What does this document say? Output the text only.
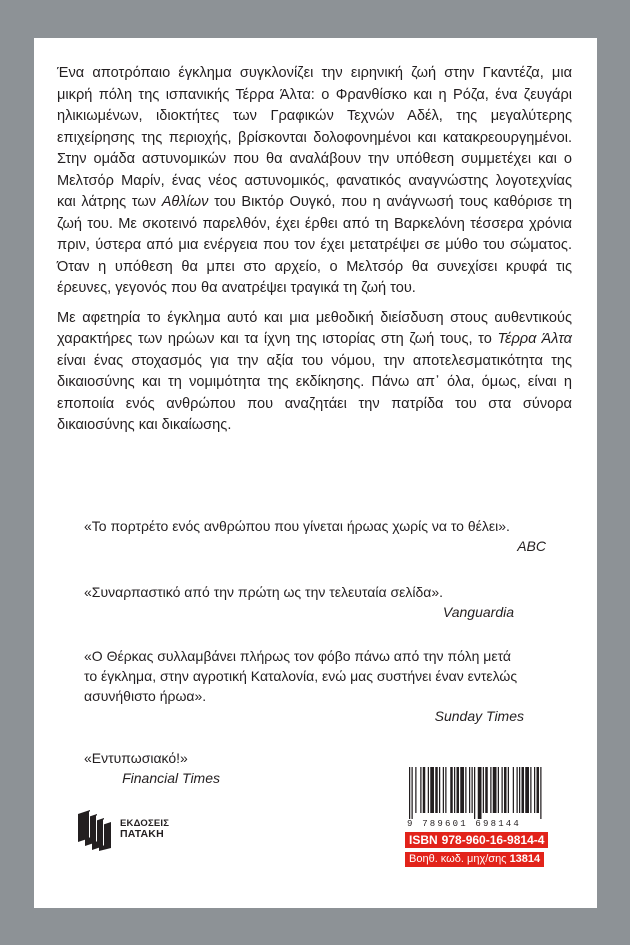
Ένα αποτρόπαιο έγκλημα συγκλονίζει την ειρηνική ζωή στην Γκαντέζα, μια μικρή πόλη της ισπανικής Τέρρα Άλτα: ο Φρανθίσκο και η Ρόζα, ένα ζευγάρι ηλικιωμένων, ιδιοκτήτες των Γραφικών Τεχνών Αδέλ, της μεγαλύτερης επιχείρησης της περιοχής, βρίσκονται δολοφονημένοι και κατακρεουργημένοι. Στην ομάδα αστυνομικών που θα αναλάβουν την υπόθεση συμμετέχει και ο Μελτσόρ Μαρίν, ένας νέος αστυνομικός, φανατικός αναγνώστης λογοτεχνίας και λάτρης των Αθλίων του Βικτόρ Ουγκό, που η ανάγνωσή τους καθόρισε τη ζωή του. Με σκοτεινό παρελθόν, έχει έρθει από τη Βαρκελόνη τέσσερα χρόνια πριν, ύστερα από μια ενέργεια που τον έχει μετατρέψει σε μύθο του σώματος. Όταν η υπόθεση θα μπει στο αρχείο, ο Μελτσόρ θα συνεχίσει κρυφά τις έρευνες, γεγονός που θα ανατρέψει τραγικά τη ζωή του.

Με αφετηρία το έγκλημα αυτό και μια μεθοδική διείσδυση στους αυθεντικούς χαρακτήρες των ηρώων και τα ίχνη της ιστορίας στη ζωή τους, το Τέρρα Άλτα είναι ένας στοχασμός για την αξία του νόμου, την αποτελεσματικότητα της δικαιοσύνης και τη νομιμότητα της εκδίκησης. Πάνω απ᾽ όλα, όμως, είναι η εποποιία ενός ανθρώπου που αναζητάει την πατρίδα του στα σύνορα δικαιοσύνης και δικαίωσης.

«Το πορτρέτο ενός ανθρώπου που γίνεται ήρωας χωρίς να το θέλει».
ABC
«Συναρπαστικό από την πρώτη ως την τελευταία σελίδα».
Vanguardia
«Ο Θέρκας συλλαμβάνει πλήρως τον φόβο πάνω από την πόλη μετά το έγκλημα, στην αγροτική Καταλονία, ενώ μας συστήνει έναν εντελώς ασυνήθιστο ήρωα».
Sunday Times
«Εντυπωσιακό!»
Financial Times
ΕΚΔΟΣΕΙΣ
ΠΑΤΑΚΗ
9 789601 698144
ISBN 978-960-16-9814-4 Βοηθ. κωδ. μηχ/σης 13814
